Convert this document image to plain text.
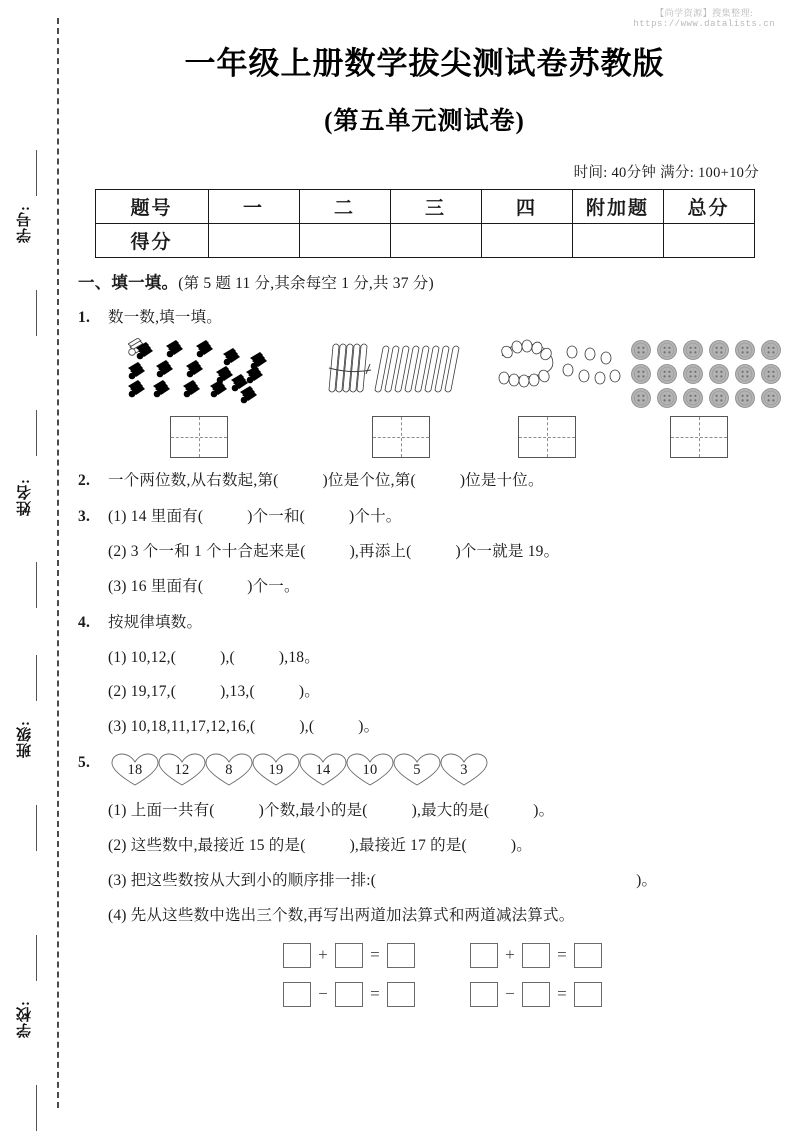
【尚学资源】搜集整理:
https://www.datalists.cn
学号:
姓名:
班级:
学校:
一年级上册数学拔尖测试卷苏教版
(第五单元测试卷)
时间: 40分钟 满分: 100+10分
题号	一	二	三	四	附加题	总分
得分						
一、填一填。(第 5 题 11 分,其余每空 1 分,共 37 分)
1.	数一数,填一填。
2.	一个两位数,从右数起,第(	)位是个位,第(	)位是十位。
3.	(1) 14 里面有(	)个一和(	)个十。
(2) 3 个一和 1 个十合起来是(	),再添上(	)个一就是 19。
(3) 16 里面有(	)个一。
4.	按规律填数。
(1) 10,12,(	),(	),18。
(2) 19,17,(	),13,(	)。
(3) 10,18,11,17,12,16,(	),(	)。
5.	18	12	8	19	14	10	5	3
(1) 上面一共有(	)个数,最小的是(	),最大的是(	)。
(2) 这些数中,最接近 15 的是(	),最接近 17 的是(	)。
(3) 把这些数按从大到小的顺序排一排:(	)。
(4) 先从这些数中选出三个数,再写出两道加法算式和两道减法算式。
+	=	+	=
−	=	−	=
